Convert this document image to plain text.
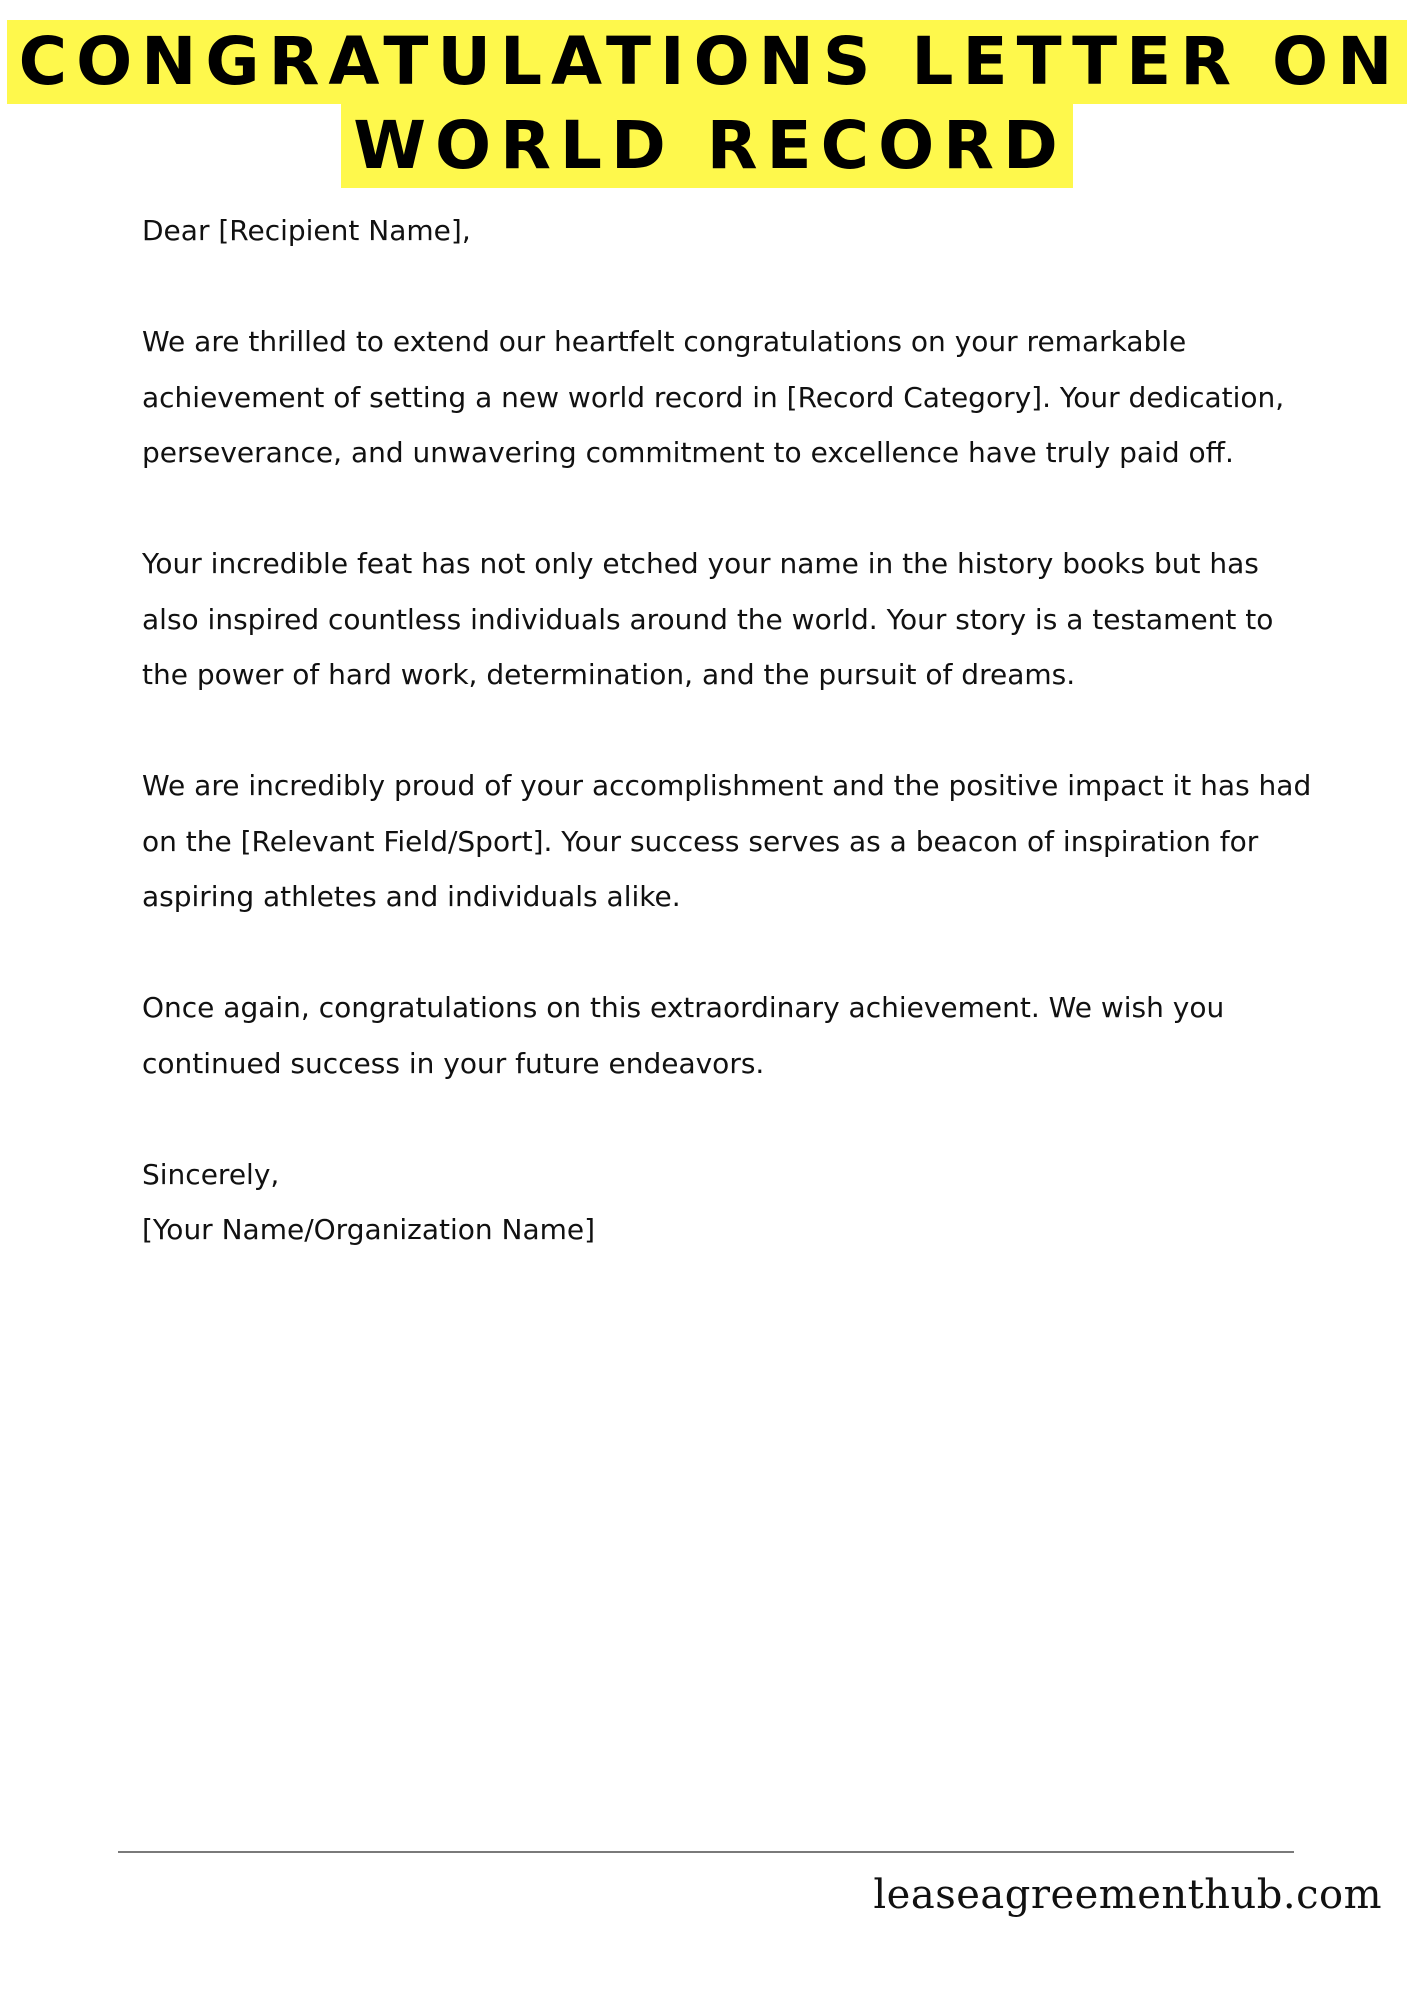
CONGRATULATIONS LETTER ON
WORLD RECORD

Dear [Recipient Name],

We are thrilled to extend our heartfelt congratulations on your remarkable achievement of setting a new world record in [Record Category]. Your dedication, perseverance, and unwavering commitment to excellence have truly paid off.

Your incredible feat has not only etched your name in the history books but has also inspired countless individuals around the world. Your story is a testament to the power of hard work, determination, and the pursuit of dreams.

We are incredibly proud of your accomplishment and the positive impact it has had on the [Relevant Field/Sport]. Your success serves as a beacon of inspiration for aspiring athletes and individuals alike.

Once again, congratulations on this extraordinary achievement. We wish you continued success in your future endeavors.

Sincerely,

[Your Name/Organization Name]

leaseagreementhub.com
